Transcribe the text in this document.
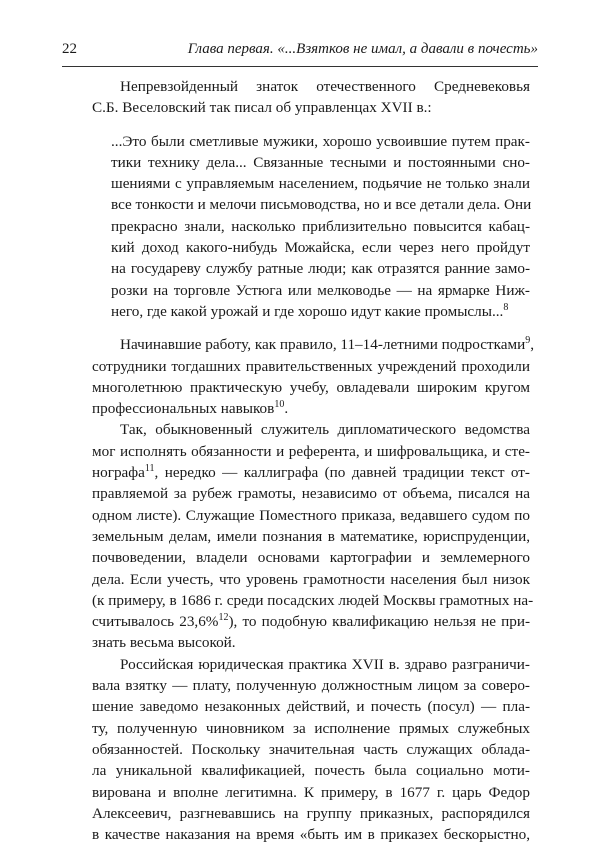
22	Глава первая. «...Взятков не имал, а давали в почесть»

Непревзойденный знаток отечественного Средневековья

С.Б. Веселовский так писал об управленцах XVII в.:

...Это были сметливые мужики, хорошо усвоившие путем прак-

тики технику дела... Связанные тесными и постоянными сно-

шениями с управляемым населением, подьячие не только знали

все тонкости и мелочи письмоводства, но и все детали дела. Они

прекрасно знали, насколько приблизительно повысится кабац-

кий доход какого-нибудь Можайска, если через него пройдут

на государеву службу ратные люди; как отразятся ранние замо-

розки на торговле Устюга или мелководье — на ярмарке Ниж-

него, где какой урожай и где хорошо идут какие промыслы...$^8$

Начинавшие работу, как правило, 11–14-летними подростками$^9$,

сотрудники тогдашних правительственных учреждений проходили

многолетнюю практическую учебу, овладевали широким кругом

профессиональных навыков$^{10}$.

Так, обыкновенный служитель дипломатического ведомства

мог исполнять обязанности и референта, и шифровальщика, и сте-

нографа$^{11}$, нередко — каллиграфа (по давней традиции текст от-

правляемой за рубеж грамоты, независимо от объема, писался на

одном листе). Служащие Поместного приказа, ведавшего судом по

земельным делам, имели познания в математике, юриспруденции,

почвоведении, владели основами картографии и землемерного

дела. Если учесть, что уровень грамотности населения был низок

(к примеру, в 1686 г. среди посадских людей Москвы грамотных на-

считывалось 23,6%$^{12}$), то подобную квалификацию нельзя не при-

знать весьма высокой.

Российская юридическая практика XVII в. здраво разграничи-

вала взятку — плату, полученную должностным лицом за соверо-

шение заведомо незаконных действий, и почесть (посул) — пла-

ту, полученную чиновником за исполнение прямых служебных

обязанностей. Поскольку значительная часть служащих облада-

ла уникальной квалификацией, почесть была социально моти-

вирована и вполне легитимна. К примеру, в 1677 г. царь Федор

Алексеевич, разгневавшись на группу приказных, распорядился

в качестве наказания на время «быть им в приказех бескорыстно,
